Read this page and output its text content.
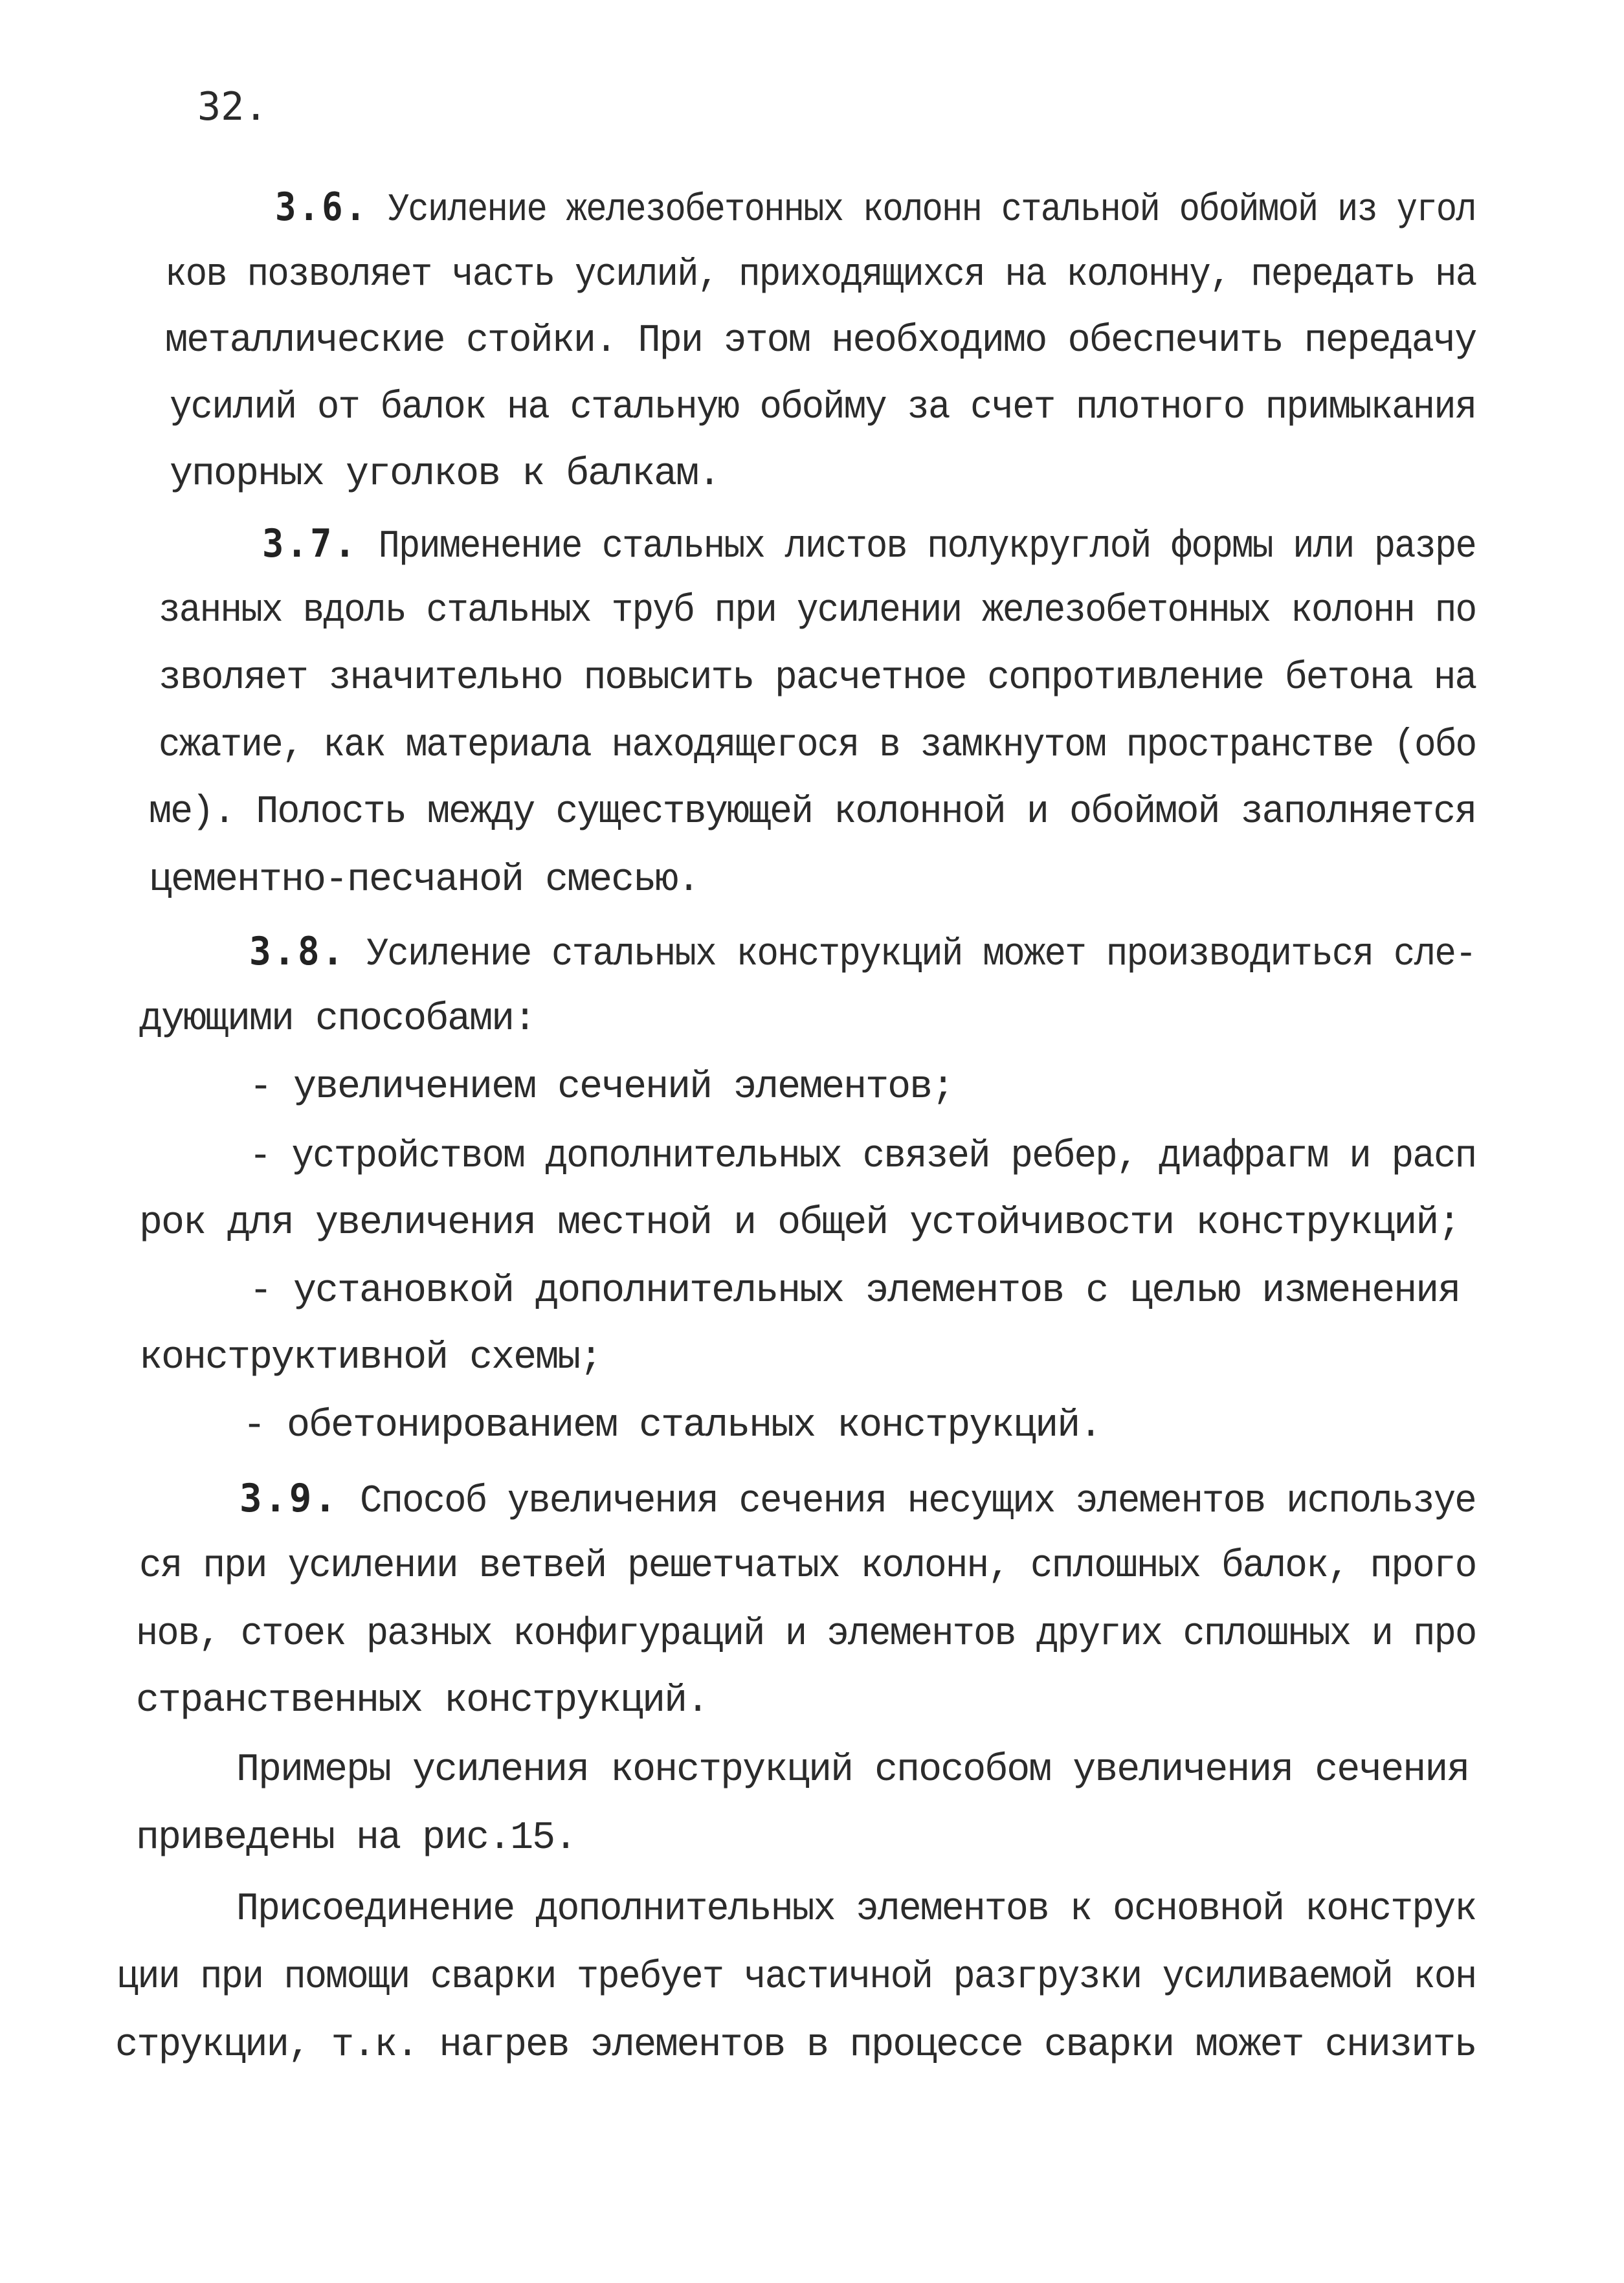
32.
3.6. Усиление железобетонных колонн стальной обоймой из угол
ков позволяет часть усилий, приходящихся на колонну, передать на
металлические стойки. При этом необходимо обеспечить передачу
усилий от балок на стальную обойму за счет плотного примыкания
упорных уголков к балкам.
3.7. Применение стальных листов полукруглой формы или разре
занных вдоль стальных труб при усилении железобетонных колонн по
зволяет значительно повысить расчетное сопротивление бетона на
сжатие, как материала находящегося в замкнутом пространстве (обо
ме). Полость между существующей колонной и обоймой заполняется
цементно-песчаной смесью.
3.8. Усиление стальных конструкций может производиться сле-
дующими способами:
- увеличением сечений элементов;
- устройством дополнительных связей ребер, диафрагм и расп
рок для увеличения местной и общей устойчивости конструкций;
- установкой дополнительных элементов с целью изменения
конструктивной схемы;
- обетонированием стальных конструкций.
3.9. Способ увеличения сечения несущих элементов используе
ся при усилении ветвей решетчатых колонн, сплошных балок, прого
нов, стоек разных конфигураций и элементов других сплошных и про
странственных конструкций.
Примеры усиления конструкций способом увеличения сечения
приведены на рис.15.
Присоединение дополнительных элементов к основной конструк
ции при помощи сварки требует частичной разгрузки усиливаемой кон
струкции, т.к. нагрев элементов в процессе сварки может снизить
